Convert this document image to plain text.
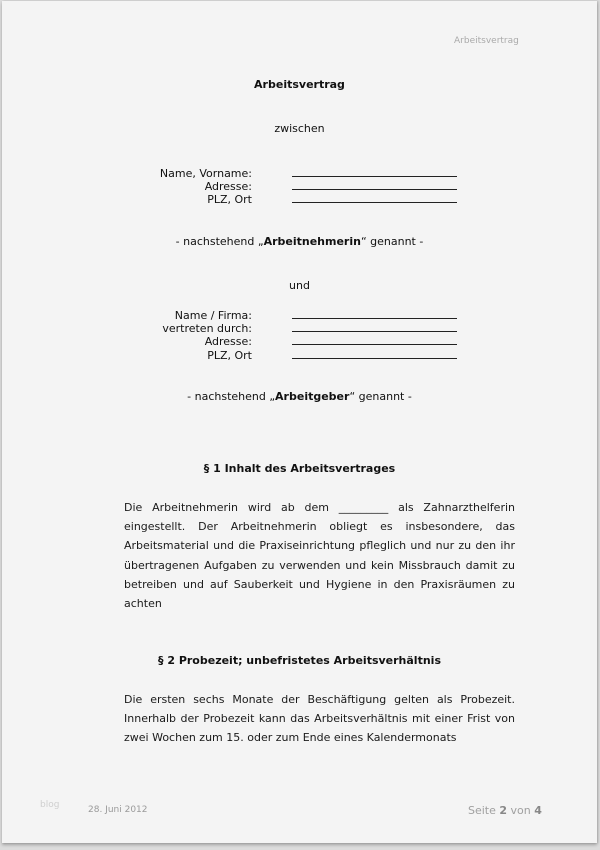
Arbeitsvertrag
Arbeitsvertrag
zwischen
Name, Vorname:
Adresse:
PLZ, Ort
- nachstehend „Arbeitnehmerin“ genannt -
und
Name / Firma:
vertreten durch:
Adresse:
PLZ, Ort
- nachstehend „Arbeitgeber“ genannt -
§ 1 Inhalt des Arbeitsvertrages
Die Arbeitnehmerin wird ab dem _________ als Zahnarzthelferin eingestellt. Der Arbeitnehmerin obliegt es insbesondere, das Arbeitsmaterial und die Praxiseinrichtung pfleglich und nur zu den ihr übertragenen Aufgaben zu verwenden und kein Missbrauch damit zu betreiben und auf Sauberkeit und Hygiene in den Praxisräumen zu achten
§ 2 Probezeit; unbefristetes Arbeitsverhältnis
Die ersten sechs Monate der Beschäftigung gelten als Probezeit. Innerhalb der Probezeit kann das Arbeitsverhältnis mit einer Frist von zwei Wochen zum 15. oder zum Ende eines Kalendermonats
blog	28. Juni 2012	Seite 2 von 4
